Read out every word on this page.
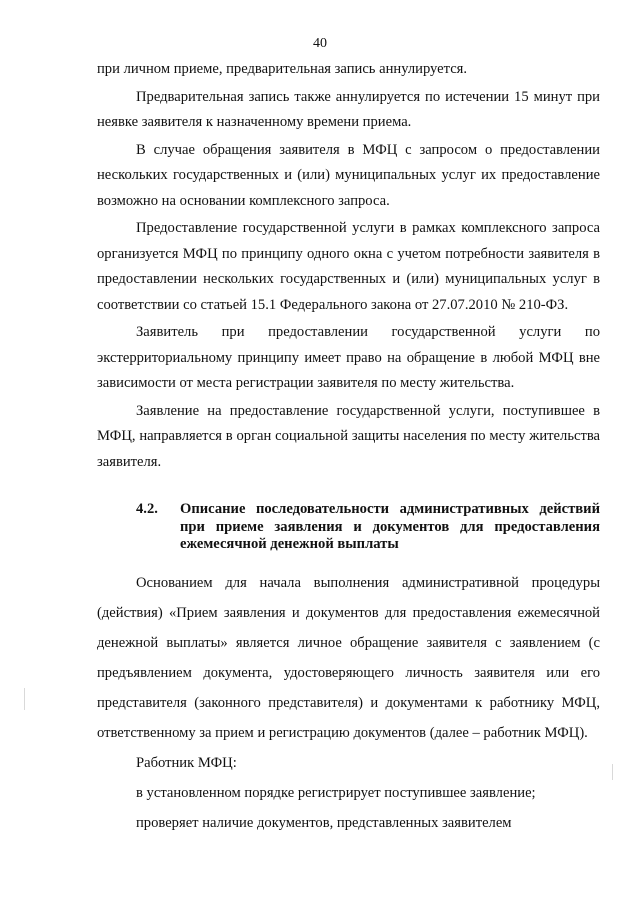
40

при личном приеме, предварительная запись аннулируется.

Предварительная запись также аннулируется по истечении 15 минут при неявке заявителя к назначенному времени приема.

В случае обращения заявителя в МФЦ с запросом о предоставлении нескольких государственных и (или) муниципальных услуг их предоставление возможно на основании комплексного запроса.

Предоставление государственной услуги в рамках комплексного запроса организуется МФЦ по принципу одного окна с учетом потребности заявителя в предоставлении нескольких государственных и (или) муниципальных услуг в соответствии со статьей 15.1 Федерального закона от 27.07.2010 № 210-ФЗ.

Заявитель при предоставлении государственной услуги по экстерриториальному принципу имеет право на обращение в любой МФЦ вне зависимости от места регистрации заявителя по месту жительства.

Заявление на предоставление государственной услуги, поступившее в МФЦ, направляется в орган социальной защиты населения по месту жительства заявителя.

4.2.	Описание последовательности административных действий при приеме заявления и документов для предоставления ежемесячной денежной выплаты

Основанием для начала выполнения административной процедуры (действия) «Прием заявления и документов для предоставления ежемесячной денежной выплаты» является личное обращение заявителя с заявлением (с предъявлением документа, удостоверяющего личность заявителя или его представителя (законного представителя) и документами к работнику МФЦ, ответственному за прием и регистрацию документов (далее – работник МФЦ).

Работник МФЦ:

в установленном порядке регистрирует поступившее заявление;

проверяет наличие документов, представленных заявителем
